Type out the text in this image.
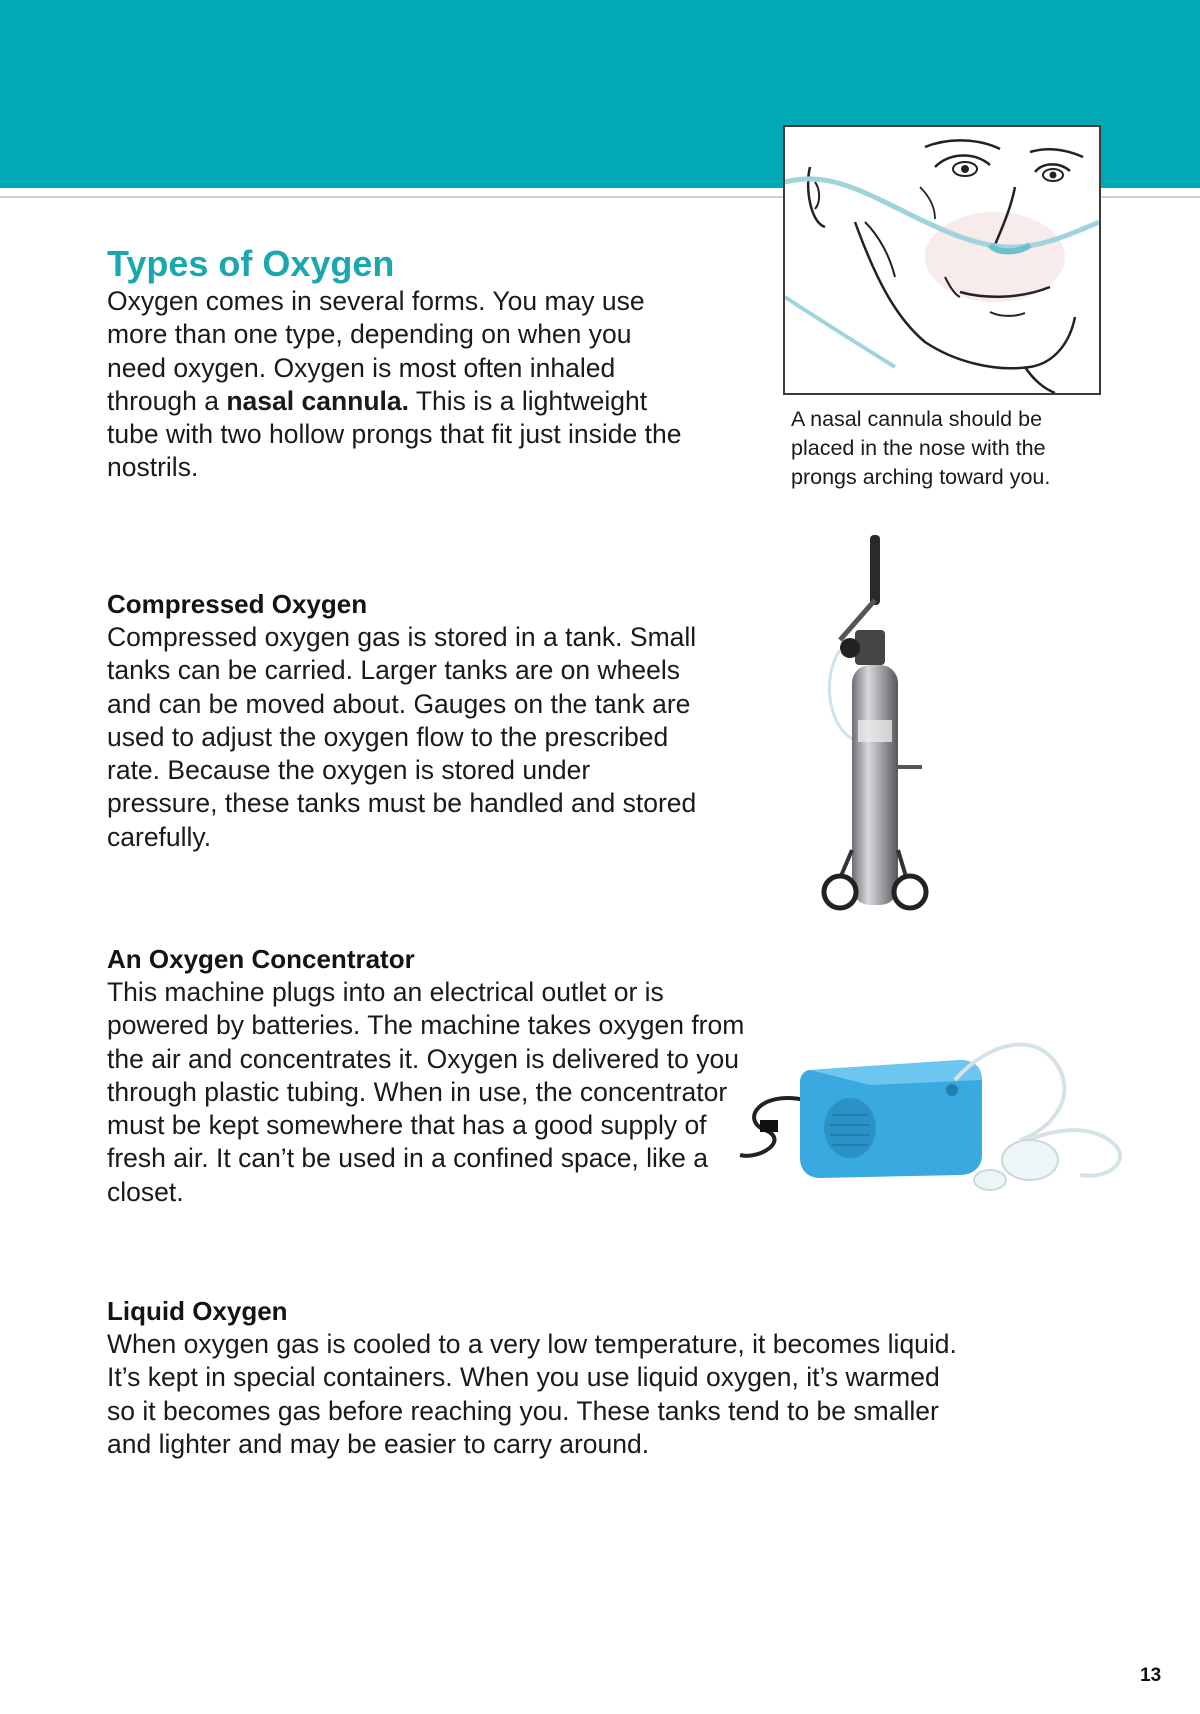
Types of Oxygen

Oxygen comes in several forms. You may use more than one type, depending on when you need oxygen. Oxygen is most often inhaled through a nasal cannula. This is a lightweight tube with two hollow prongs that fit just inside the nostrils.

A nasal cannula should be placed in the nose with the prongs arching toward you.
Compressed Oxygen

Compressed oxygen gas is stored in a tank. Small tanks can be carried. Larger tanks are on wheels and can be moved about. Gauges on the tank are used to adjust the oxygen flow to the prescribed rate. Because the oxygen is stored under pressure, these tanks must be handled and stored carefully.

An Oxygen Concentrator

This machine plugs into an electrical outlet or is powered by batteries. The machine takes oxygen from the air and concentrates it. Oxygen is delivered to you through plastic tubing. When in use, the concentrator must be kept somewhere that has a good supply of fresh air. It can’t be used in a confined space, like a closet.

Liquid Oxygen

When oxygen gas is cooled to a very low temperature, it becomes liquid. It’s kept in special containers. When you use liquid oxygen, it’s warmed so it becomes gas before reaching you. These tanks tend to be smaller and lighter and may be easier to carry around.

13
